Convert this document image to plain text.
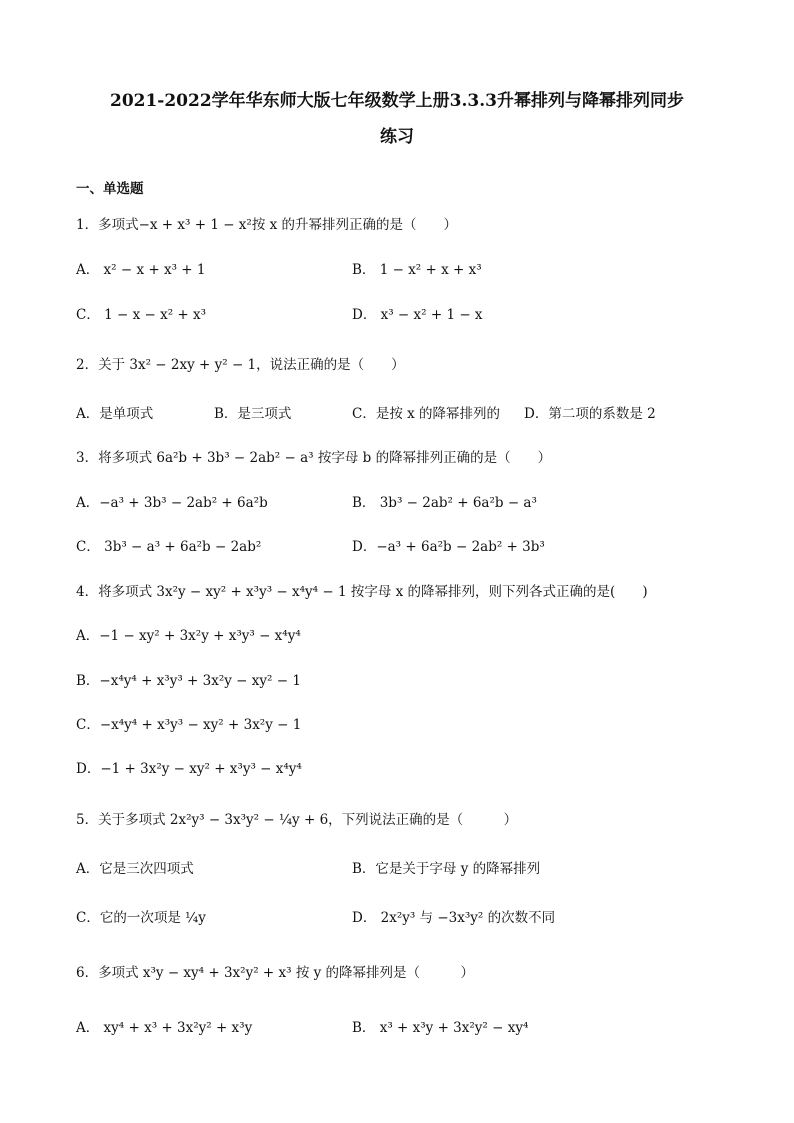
2021-2022学年华东师大版七年级数学上册3.3.3升幂排列与降幂排列同步
练习
一、单选题
1．多项式−x + x³ + 1 − x²按 x 的升幂排列正确的是（　　）
A． x² − x + x³ + 1	B． 1 − x² + x + x³
C． 1 − x − x² + x³	D． x³ − x² + 1 − x
2．关于 3x² − 2xy + y² − 1，说法正确的是（　　）
A．是单项式	B．是三项式	C．是按 x 的降幂排列的 D．第二项的系数是 2
3．将多项式 6a²b + 3b³ − 2ab² − a³ 按字母 b 的降幂排列正确的是（　　）
A．−a³ + 3b³ − 2ab² + 6a²b	B． 3b³ − 2ab² + 6a²b − a³
C． 3b³ − a³ + 6a²b − 2ab²	D．−a³ + 6a²b − 2ab² + 3b³
4．将多项式 3x²y − xy² + x³y³ − x⁴y⁴ − 1 按字母 x 的降幂排列，则下列各式正确的是(　　)
A．−1 − xy² + 3x²y + x³y³ − x⁴y⁴
B．−x⁴y⁴ + x³y³ + 3x²y − xy² − 1
C．−x⁴y⁴ + x³y³ − xy² + 3x²y − 1
D．−1 + 3x²y − xy² + x³y³ − x⁴y⁴
5．关于多项式 2x²y³ − 3x³y² − ¼y + 6，下列说法正确的是（　　　）
A．它是三次四项式	B．它是关于字母 y 的降幂排列
C．它的一次项是 ¼y	D． 2x²y³ 与 −3x³y² 的次数不同
6．多项式 x³y − xy⁴ + 3x²y² + x³ 按 y 的降幂排列是（　　　）
A． xy⁴ + x³ + 3x²y² + x³y	B． x³ + x³y + 3x²y² − xy⁴
